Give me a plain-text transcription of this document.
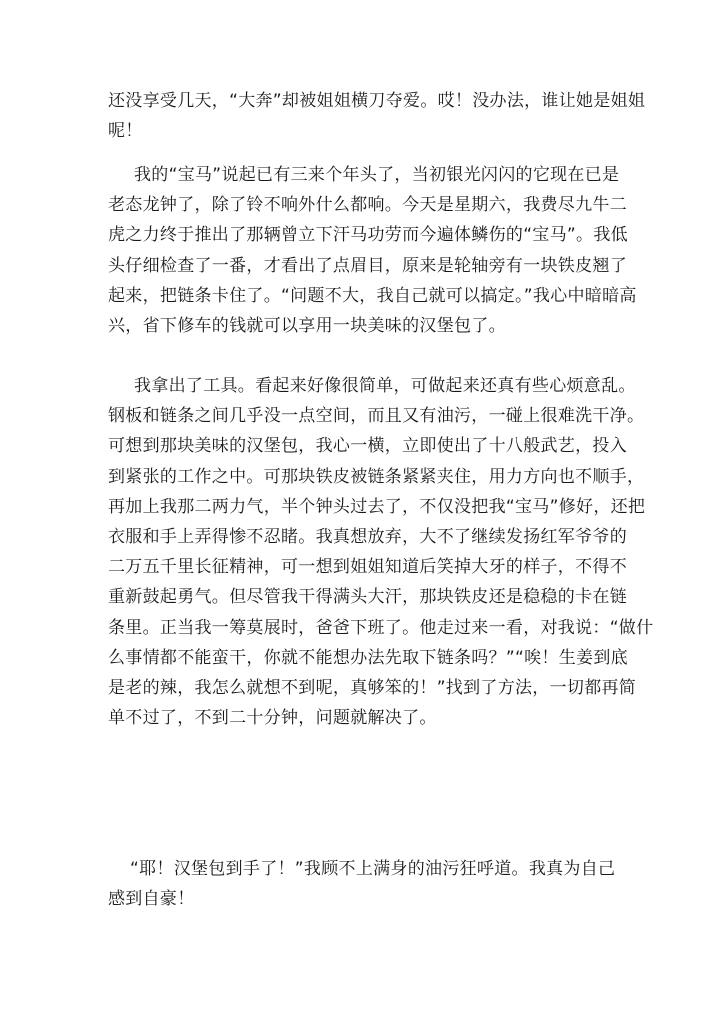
还没享受几天，“大奔”却被姐姐横刀夺爱。哎！没办法，谁让她是姐姐
呢！
我的“宝马”说起已有三来个年头了，当初银光闪闪的它现在已是
老态龙钟了，除了铃不响外什么都响。今天是星期六，我费尽九牛二
虎之力终于推出了那辆曾立下汗马功劳而今遍体鳞伤的“宝马”。我低
头仔细检查了一番，才看出了点眉目，原来是轮轴旁有一块铁皮翘了
起来，把链条卡住了。“问题不大，我自己就可以搞定。”我心中暗暗高
兴，省下修车的钱就可以享用一块美味的汉堡包了。
我拿出了工具。看起来好像很简单，可做起来还真有些心烦意乱。
钢板和链条之间几乎没一点空间，而且又有油污，一碰上很难洗干净。
可想到那块美味的汉堡包，我心一横，立即使出了十八般武艺，投入
到紧张的工作之中。可那块铁皮被链条紧紧夹住，用力方向也不顺手，
再加上我那二两力气，半个钟头过去了，不仅没把我“宝马”修好，还把
衣服和手上弄得惨不忍睹。我真想放弃，大不了继续发扬红军爷爷的
二万五千里长征精神，可一想到姐姐知道后笑掉大牙的样子，不得不
重新鼓起勇气。但尽管我干得满头大汗，那块铁皮还是稳稳的卡在链
条里。正当我一筹莫展时，爸爸下班了。他走过来一看，对我说：“做什
么事情都不能蛮干，你就不能想办法先取下链条吗？”“唉！生姜到底
是老的辣，我怎么就想不到呢，真够笨的！”找到了方法，一切都再简
单不过了，不到二十分钟，问题就解决了。
“耶！汉堡包到手了！”我顾不上满身的油污狂呼道。我真为自己
感到自豪！
